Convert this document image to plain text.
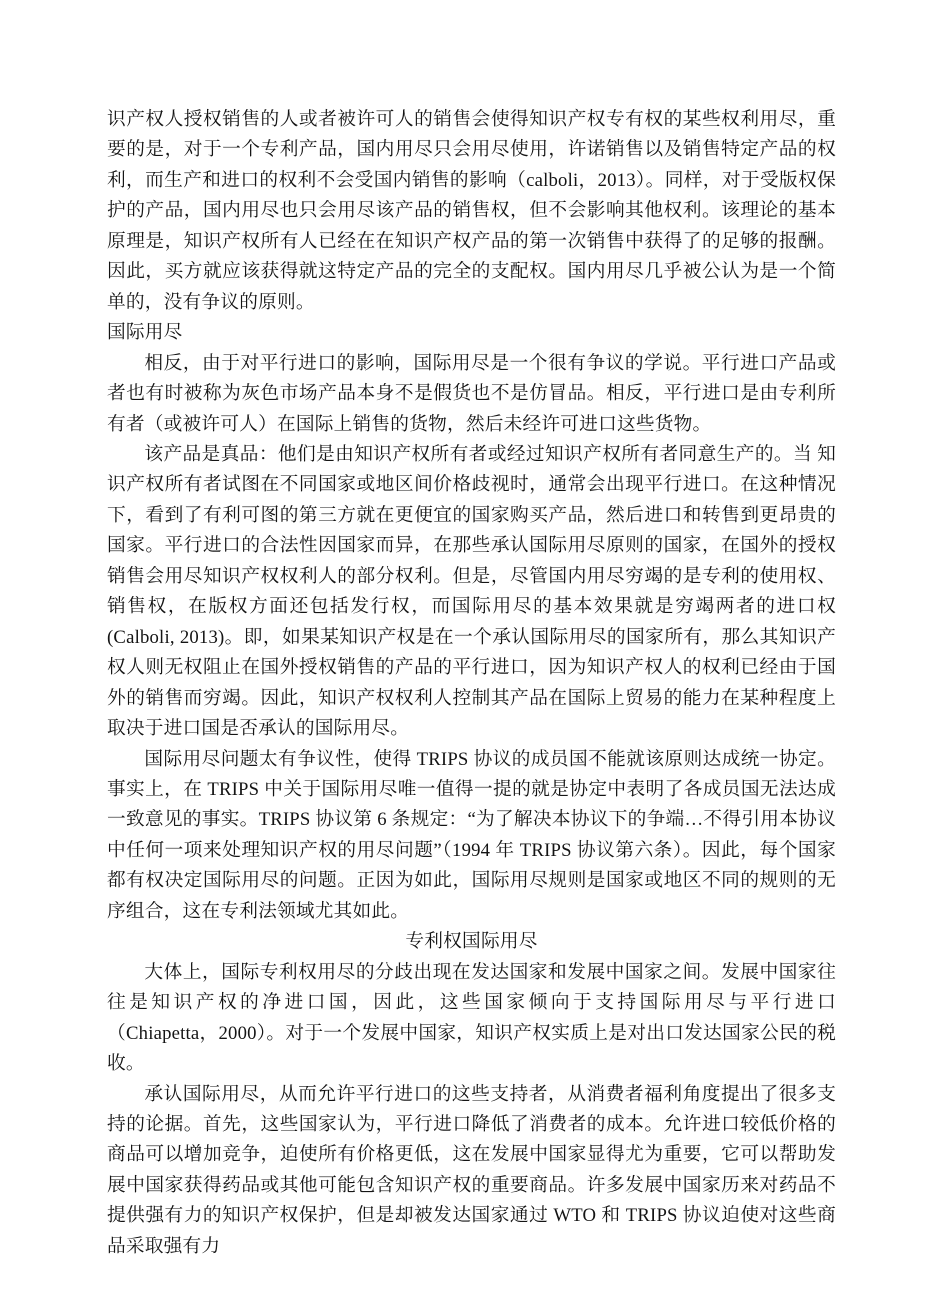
识产权人授权销售的人或者被许可人的销售会使得知识产权专有权的某些权利用尽，重要的是，对于一个专利产品，国内用尽只会用尽使用，许诺销售以及销售特定产品的权利，而生产和进口的权利不会受国内销售的影响（calboli，2013）。同样，对于受版权保护的产品，国内用尽也只会用尽该产品的销售权，但不会影响其他权利。该理论的基本原理是，知识产权所有人已经在在知识产权产品的第一次销售中获得了的足够的报酬。因此，买方就应该获得就这特定产品的完全的支配权。国内用尽几乎被公认为是一个简单的，没有争议的原则。

国际用尽

相反，由于对平行进口的影响，国际用尽是一个很有争议的学说。平行进口产品或者也有时被称为灰色市场产品本身不是假货也不是仿冒品。相反，平行进口是由专利所有者（或被许可人）在国际上销售的货物，然后未经许可进口这些货物。

该产品是真品：他们是由知识产权所有者或经过知识产权所有者同意生产的。当 知识产权所有者试图在不同国家或地区间价格歧视时，通常会出现平行进口。在这种情况下，看到了有利可图的第三方就在更便宜的国家购买产品，然后进口和转售到更昂贵的国家。平行进口的合法性因国家而异，在那些承认国际用尽原则的国家，在国外的授权销售会用尽知识产权权利人的部分权利。但是，尽管国内用尽穷竭的是专利的使用权、销售权，在版权方面还包括发行权，而国际用尽的基本效果就是穷竭两者的进口权 (Calboli, 2013)。即，如果某知识产权是在一个承认国际用尽的国家所有，那么其知识产权人则无权阻止在国外授权销售的产品的平行进口，因为知识产权人的权利已经由于国外的销售而穷竭。因此，知识产权权利人控制其产品在国际上贸易的能力在某种程度上取决于进口国是否承认的国际用尽。

国际用尽问题太有争议性，使得 TRIPS 协议的成员国不能就该原则达成统一协定。事实上，在 TRIPS 中关于国际用尽唯一值得一提的就是协定中表明了各成员国无法达成一致意见的事实。TRIPS 协议第 6 条规定：“为了解决本协议下的争端…不得引用本协议中任何一项来处理知识产权的用尽问题”（1994 年 TRIPS 协议第六条）。因此，每个国家都有权决定国际用尽的问题。正因为如此，国际用尽规则是国家或地区不同的规则的无序组合，这在专利法领域尤其如此。

专利权国际用尽

大体上，国际专利权用尽的分歧出现在发达国家和发展中国家之间。发展中国家往往是知识产权的净进口国，因此，这些国家倾向于支持国际用尽与平行进口（Chiapetta，2000）。对于一个发展中国家，知识产权实质上是对出口发达国家公民的税收。

承认国际用尽，从而允许平行进口的这些支持者，从消费者福利角度提出了很多支持的论据。首先，这些国家认为，平行进口降低了消费者的成本。允许进口较低价格的商品可以增加竞争，迫使所有价格更低，这在发展中国家显得尤为重要，它可以帮助发展中国家获得药品或其他可能包含知识产权的重要商品。许多发展中国家历来对药品不提供强有力的知识产权保护，但是却被发达国家通过 WTO 和 TRIPS 协议迫使对这些商品采取强有力
